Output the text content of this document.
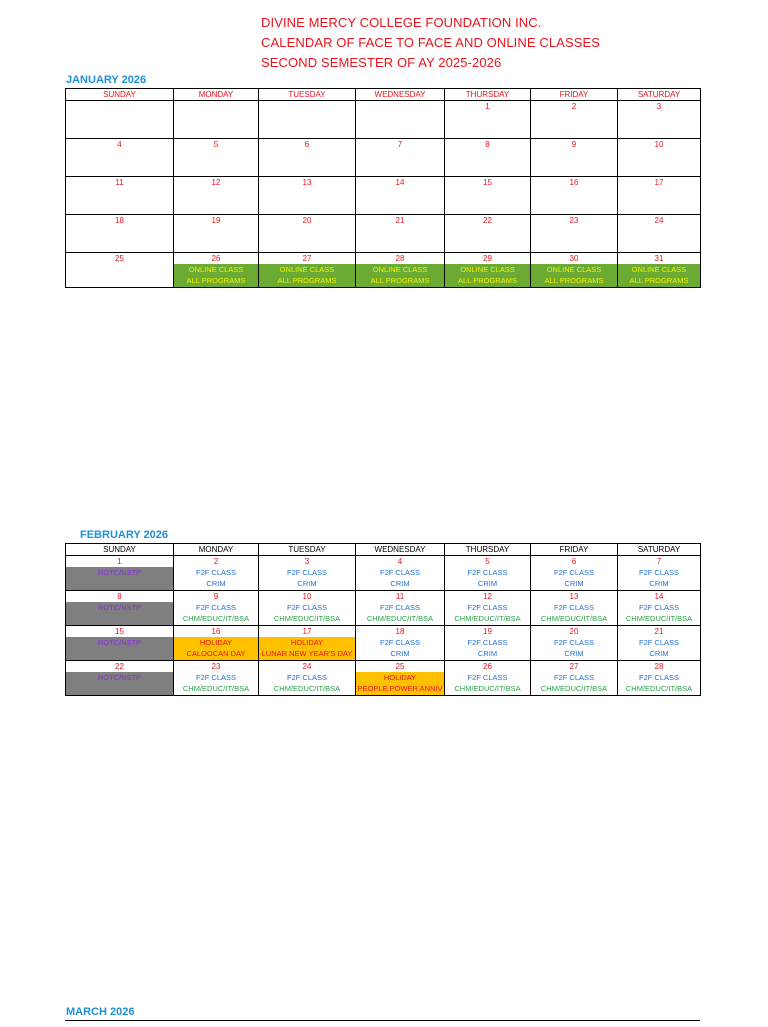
DIVINE MERCY COLLEGE FOUNDATION INC.
CALENDAR OF FACE TO FACE AND ONLINE CLASSES
SECOND SEMESTER OF AY 2025-2026
JANUARY 2026
SUNDAY	MONDAY	TUESDAY	WEDNESDAY	THURSDAY	FRIDAY	SATURDAY

				1	2	3

4	5	6	7	8	9	10

11	12	13	14	15	16	17

18	19	20	21	22	23	24

25	26
ONLINE CLASS
ALL PROGRAMS	27
ONLINE CLASS
ALL PROGRAMS	28
ONLINE CLASS
ALL PROGRAMS	29
ONLINE CLASS
ALL PROGRAMS	30
ONLINE CLASS
ALL PROGRAMS	31
ONLINE CLASS
ALL PROGRAMS
FEBRUARY 2026
SUNDAY	MONDAY	TUESDAY	WEDNESDAY	THURSDAY	FRIDAY	SATURDAY

1
ROTC/NSTP	2
F2F CLASS
CRIM	3
F2F CLASS
CRIM	4
F2F CLASS
CRIM	5
F2F CLASS
CRIM	6
F2F CLASS
CRIM	7
F2F CLASS
CRIM

8
ROTC/NSTP	9
F2F CLASS
CHM/EDUC/IT/BSA	10
F2F CLASS
CHM/EDUC/IT/BSA	11
F2F CLASS
CHM/EDUC/IT/BSA	12
F2F CLASS
CHM/EDUC/IT/BSA	13
F2F CLASS
CHM/EDUC/IT/BSA	14
F2F CLASS
CHM/EDUC/IT/BSA

15
ROTC/NSTP	16
HOLIDAY
CALOOCAN DAY	17
HOLIDAY
LUNAR NEW YEAR'S DAY	18
F2F CLASS
CRIM	19
F2F CLASS
CRIM	20
F2F CLASS
CRIM	21
F2F CLASS
CRIM

22
ROTC/NSTP	23
F2F CLASS
CHM/EDUC/IT/BSA	24
F2F CLASS
CHM/EDUC/IT/BSA	25
HOLIDAY
PEOPLE POWER ANNIV	26
F2F CLASS
CHM/EDUC/IT/BSA	27
F2F CLASS
CHM/EDUC/IT/BSA	28
F2F CLASS
CHM/EDUC/IT/BSA
MARCH 2026
